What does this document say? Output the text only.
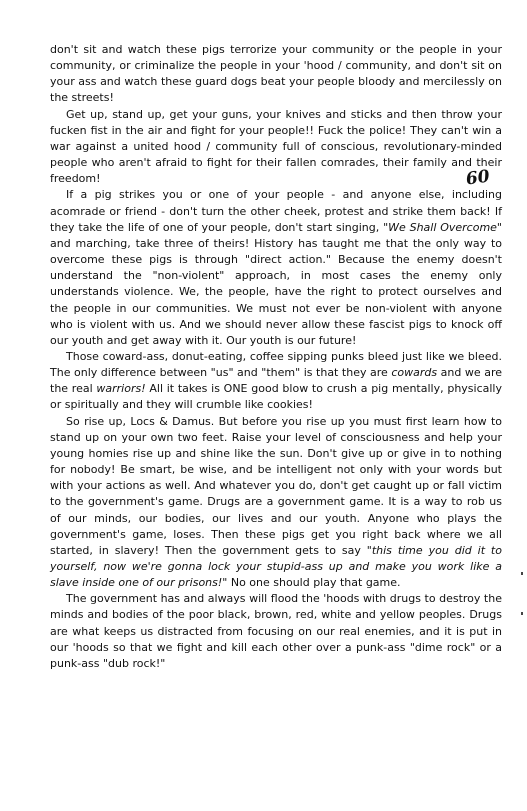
don't sit and watch these pigs terrorize your community or the people in your community, or criminalize the people in your 'hood / community, and don't sit on your ass and watch these guard dogs beat your people bloody and mercilessly on the streets!

Get up, stand up, get your guns, your knives and sticks and then throw your fucken fist in the air and fight for your people!! Fuck the police! They can't win a war against a united hood / community full of conscious, revolutionary-minded people who aren't afraid to fight for their fallen comrades, their family and their freedom!

If a pig strikes you or one of your people - and anyone else, including acomrade or friend - don't turn the other cheek, protest and strike them back! If they take the life of one of your people, don't start singing, "We Shall Overcome" and marching, take three of theirs! History has taught me that the only way to overcome these pigs is through "direct action." Because the enemy doesn't understand the "non-violent" approach, in most cases the enemy only understands violence. We, the people, have the right to protect ourselves and the people in our communities. We must not ever be non-violent with anyone who is violent with us. And we should never allow these fascist pigs to knock off our youth and get away with it. Our youth is our future!

Those coward-ass, donut-eating, coffee sipping punks bleed just like we bleed. The only difference between "us" and "them" is that they are cowards and we are the real warriors! All it takes is ONE good blow to crush a pig mentally, physically or spiritually and they will crumble like cookies!

So rise up, Locs & Damus. But before you rise up you must first learn how to stand up on your own two feet. Raise your level of consciousness and help your young homies rise up and shine like the sun. Don't give up or give in to nothing for nobody! Be smart, be wise, and be intelligent not only with your words but with your actions as well. And whatever you do, don't get caught up or fall victim to the government's game. Drugs are a government game. It is a way to rob us of our minds, our bodies, our lives and our youth. Anyone who plays the government's game, loses. Then these pigs get you right back where we all started, in slavery! Then the government gets to say "this time you did it to yourself, now we're gonna lock your stupid-ass up and make you work like a slave inside one of our prisons!" No one should play that game.

The government has and always will flood the 'hoods with drugs to destroy the minds and bodies of the poor black, brown, red, white and yellow peoples. Drugs are what keeps us distracted from focusing on our real enemies, and it is put in our 'hoods so that we fight and kill each other over a punk-ass "dime rock" or a punk-ass "dub rock!"

60
